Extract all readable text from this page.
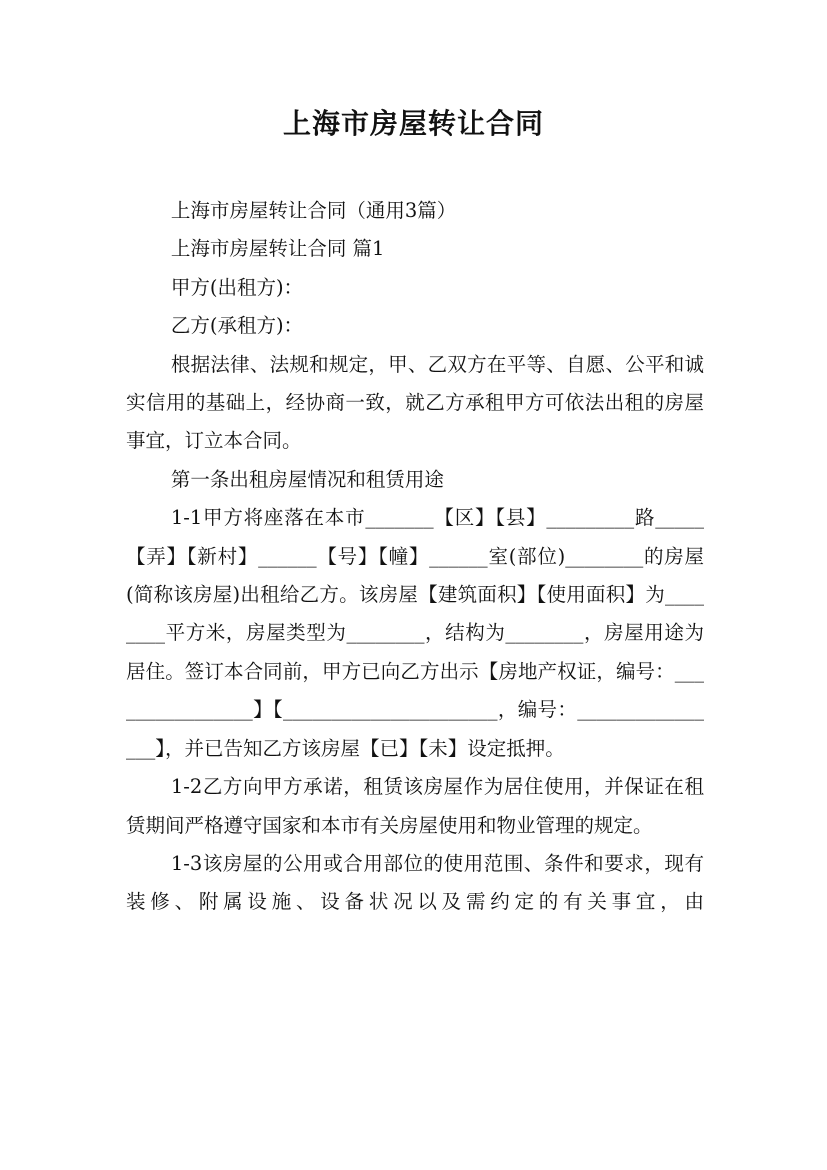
上海市房屋转让合同

上海市房屋转让合同（通用3篇）

上海市房屋转让合同 篇1

甲方(出租方)：

乙方(承租方)：

根据法律、法规和规定，甲、乙双方在平等、自愿、公平和诚实信用的基础上，经协商一致，就乙方承租甲方可依法出租的房屋事宜，订立本合同。

第一条出租房屋情况和租赁用途

1-1甲方将座落在本市_______【区】【县】_________路_____【弄】【新村】______【号】【幢】______室(部位)________的房屋(简称该房屋)出租给乙方。该房屋【建筑面积】【使用面积】为________平方米，房屋类型为________，结构为________，房屋用途为居住。签订本合同前，甲方已向乙方出示【房地产权证，编号：________________】【______________________，编号：________________】，并已告知乙方该房屋【已】【未】设定抵押。

1-2乙方向甲方承诺，租赁该房屋作为居住使用，并保证在租赁期间严格遵守国家和本市有关房屋使用和物业管理的规定。

1-3该房屋的公用或合用部位的使用范围、条件和要求，现有装修、附属设施、设备状况以及需约定的有关事宜，由
